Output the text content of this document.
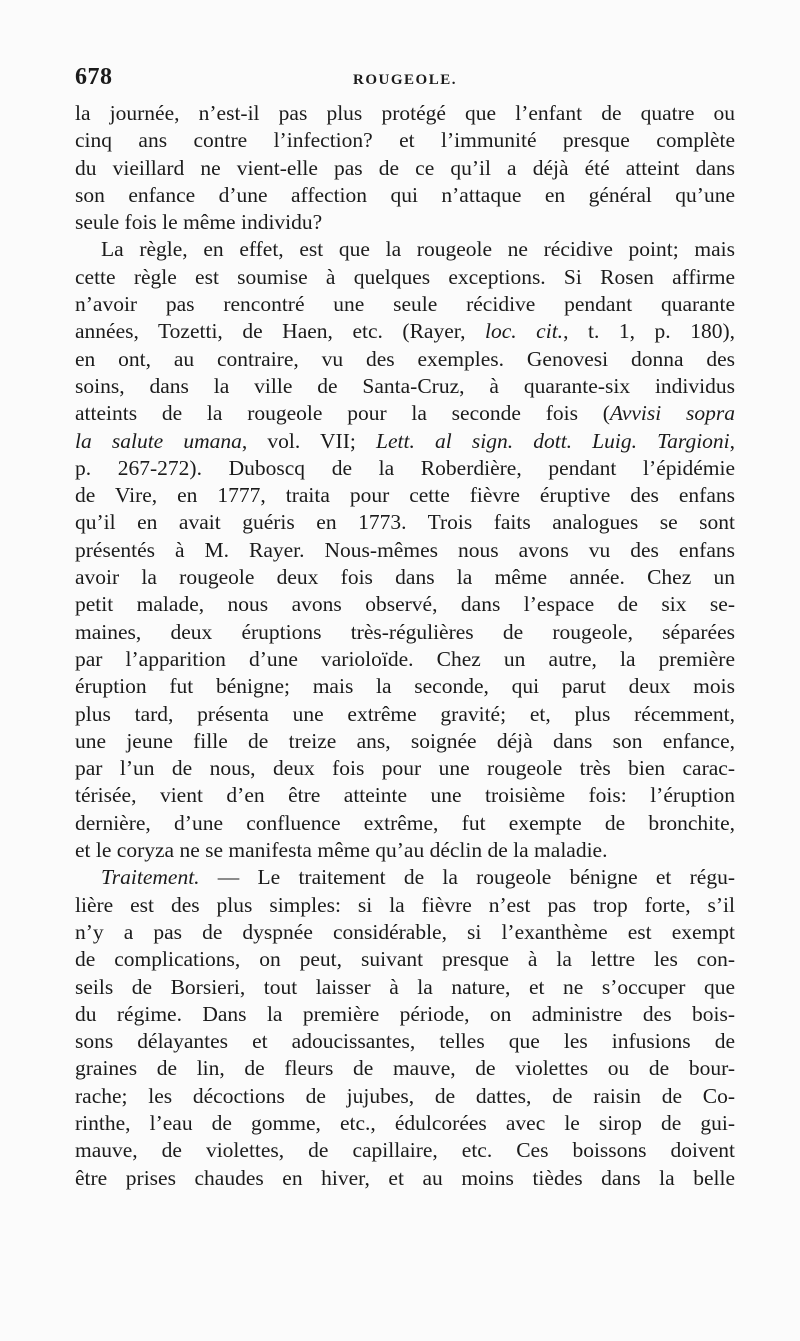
678	ROUGEOLE.
la journée, n’est-il pas plus protégé que l’enfant de quatre ou
cinq ans contre l’infection? et l’immunité presque complète
du vieillard ne vient-elle pas de ce qu’il a déjà été atteint dans
son enfance d’une affection qui n’attaque en général qu’une
seule fois le même individu?
La règle, en effet, est que la rougeole ne récidive point; mais
cette règle est soumise à quelques exceptions. Si Rosen affirme
n’avoir pas rencontré une seule récidive pendant quarante
années, Tozetti, de Haen, etc. (Rayer, loc. cit., t. 1, p. 180),
en ont, au contraire, vu des exemples. Genovesi donna des
soins, dans la ville de Santa-Cruz, à quarante-six individus
atteints de la rougeole pour la seconde fois (Avvisi sopra
la salute umana, vol. VII; Lett. al sign. dott. Luig. Targioni,
p. 267-272). Duboscq de la Roberdière, pendant l’épidémie
de Vire, en 1777, traita pour cette fièvre éruptive des enfans
qu’il en avait guéris en 1773. Trois faits analogues se sont
présentés à M. Rayer. Nous-mêmes nous avons vu des enfans
avoir la rougeole deux fois dans la même année. Chez un
petit malade, nous avons observé, dans l’espace de six se-
maines, deux éruptions très-régulières de rougeole, séparées
par l’apparition d’une varioloïde. Chez un autre, la première
éruption fut bénigne; mais la seconde, qui parut deux mois
plus tard, présenta une extrême gravité; et, plus récemment,
une jeune fille de treize ans, soignée déjà dans son enfance,
par l’un de nous, deux fois pour une rougeole très bien carac-
térisée, vient d’en être atteinte une troisième fois: l’éruption
dernière, d’une confluence extrême, fut exempte de bronchite,
et le coryza ne se manifesta même qu’au déclin de la maladie.
Traitement. — Le traitement de la rougeole bénigne et régu-
lière est des plus simples: si la fièvre n’est pas trop forte, s’il
n’y a pas de dyspnée considérable, si l’exanthème est exempt
de complications, on peut, suivant presque à la lettre les con-
seils de Borsieri, tout laisser à la nature, et ne s’occuper que
du régime. Dans la première période, on administre des bois-
sons délayantes et adoucissantes, telles que les infusions de
graines de lin, de fleurs de mauve, de violettes ou de bour-
rache; les décoctions de jujubes, de dattes, de raisin de Co-
rinthe, l’eau de gomme, etc., édulcorées avec le sirop de gui-
mauve, de violettes, de capillaire, etc. Ces boissons doivent
être prises chaudes en hiver, et au moins tièdes dans la belle
